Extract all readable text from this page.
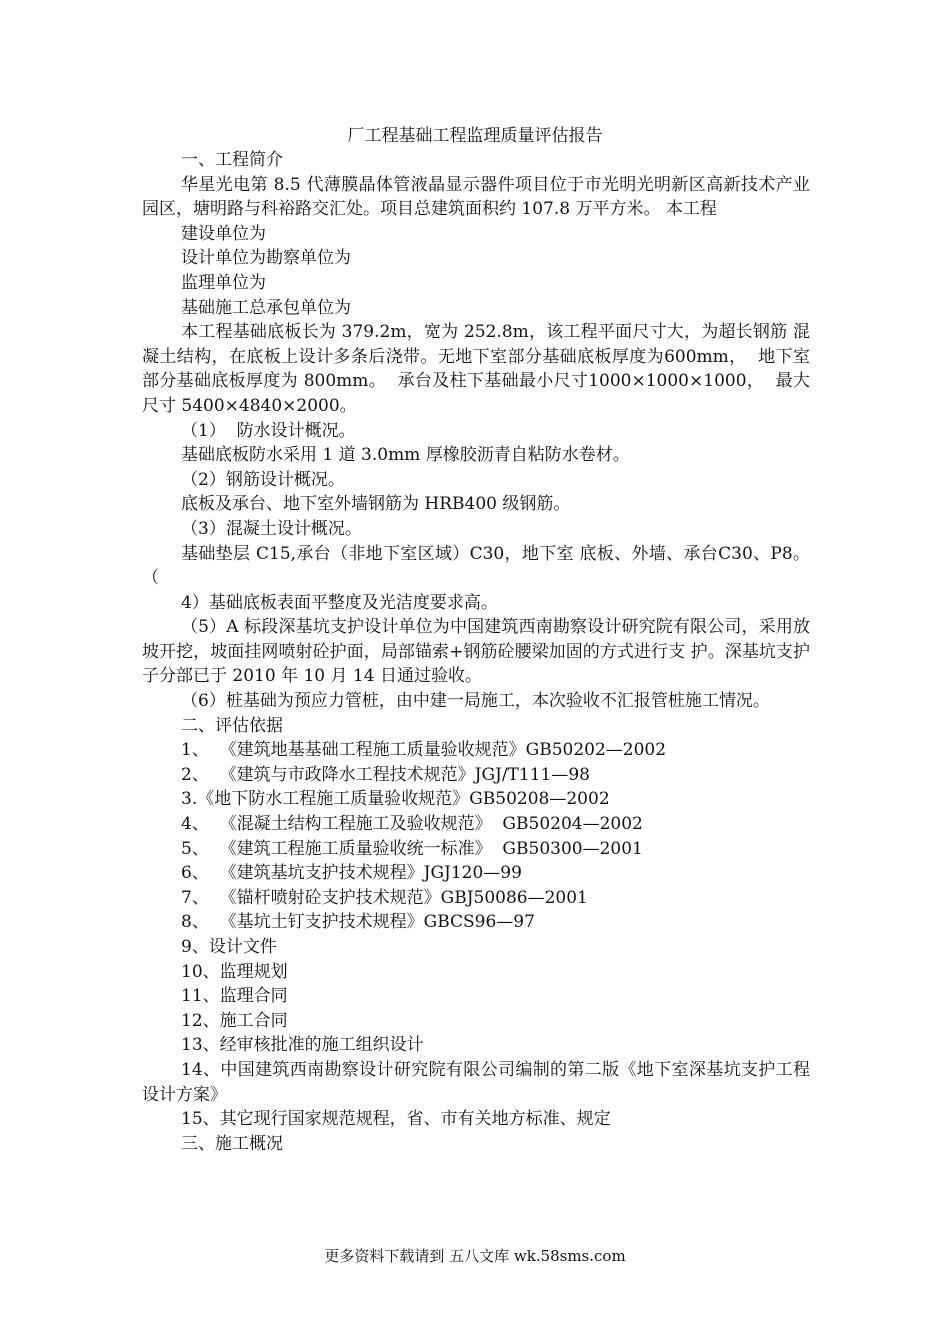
厂工程基础工程监理质量评估报告

一、工程简介

华星光电第 8.5 代薄膜晶体管液晶显示器件项目位于市光明光明新区高新技术产业园区，塘明路与科裕路交汇处。项目总建筑面积约 107.8 万平方米。 本工程

建设单位为

设计单位为勘察单位为

监理单位为

基础施工总承包单位为

本工程基础底板长为 379.2m，宽为 252.8m，该工程平面尺寸大，为超长钢筋 混凝土结构，在底板上设计多条后浇带。无地下室部分基础底板厚度为600mm，  地下室部分基础底板厚度为 800mm。  承台及柱下基础最小尺寸1000×1000×1000，  最大尺寸 5400×4840×2000。

（1）  防水设计概况。

基础底板防水采用 1 道 3.0mm 厚橡胶沥青自粘防水卷材。

（2）钢筋设计概况。

底板及承台、地下室外墙钢筋为 HRB400 级钢筋。

（3）混凝土设计概况。

基础垫层 C15,承台（非地下室区域）C30，地下室 底板、外墙、承台C30、P8。  （

4）基础底板表面平整度及光洁度要求高。

（5）A 标段深基坑支护设计单位为中国建筑西南勘察设计研究院有限公司，采用放坡开挖，坡面挂网喷射砼护面，局部锚索+钢筋砼腰梁加固的方式进行支 护。深基坑支护子分部已于 2010 年 10 月 14 日通过验收。

（6）桩基础为预应力管桩，由中建一局施工，本次验收不汇报管桩施工情况。

二、评估依据

1、  《建筑地基基础工程施工质量验收规范》GB50202—2002

2、  《建筑与市政降水工程技术规范》JGJ/T111—98

3.《地下防水工程施工质量验收规范》GB50208—2002

4、  《混凝土结构工程施工及验收规范》  GB50204—2002

5、  《建筑工程施工质量验收统一标准》  GB50300—2001

6、  《建筑基坑支护技术规程》JGJ120—99

7、  《锚杆喷射砼支护技术规范》GBJ50086—2001

8、  《基坑土钉支护技术规程》GBCS96—97

9、设计文件

10、监理规划

11、监理合同

12、施工合同

13、经审核批准的施工组织设计

14、中国建筑西南勘察设计研究院有限公司编制的第二版《地下室深基坑支护工程设计方案》

15、其它现行国家规范规程，省、市有关地方标准、规定

三、施工概况

更多资料下载请到 五八文库 wk.58sms.com
